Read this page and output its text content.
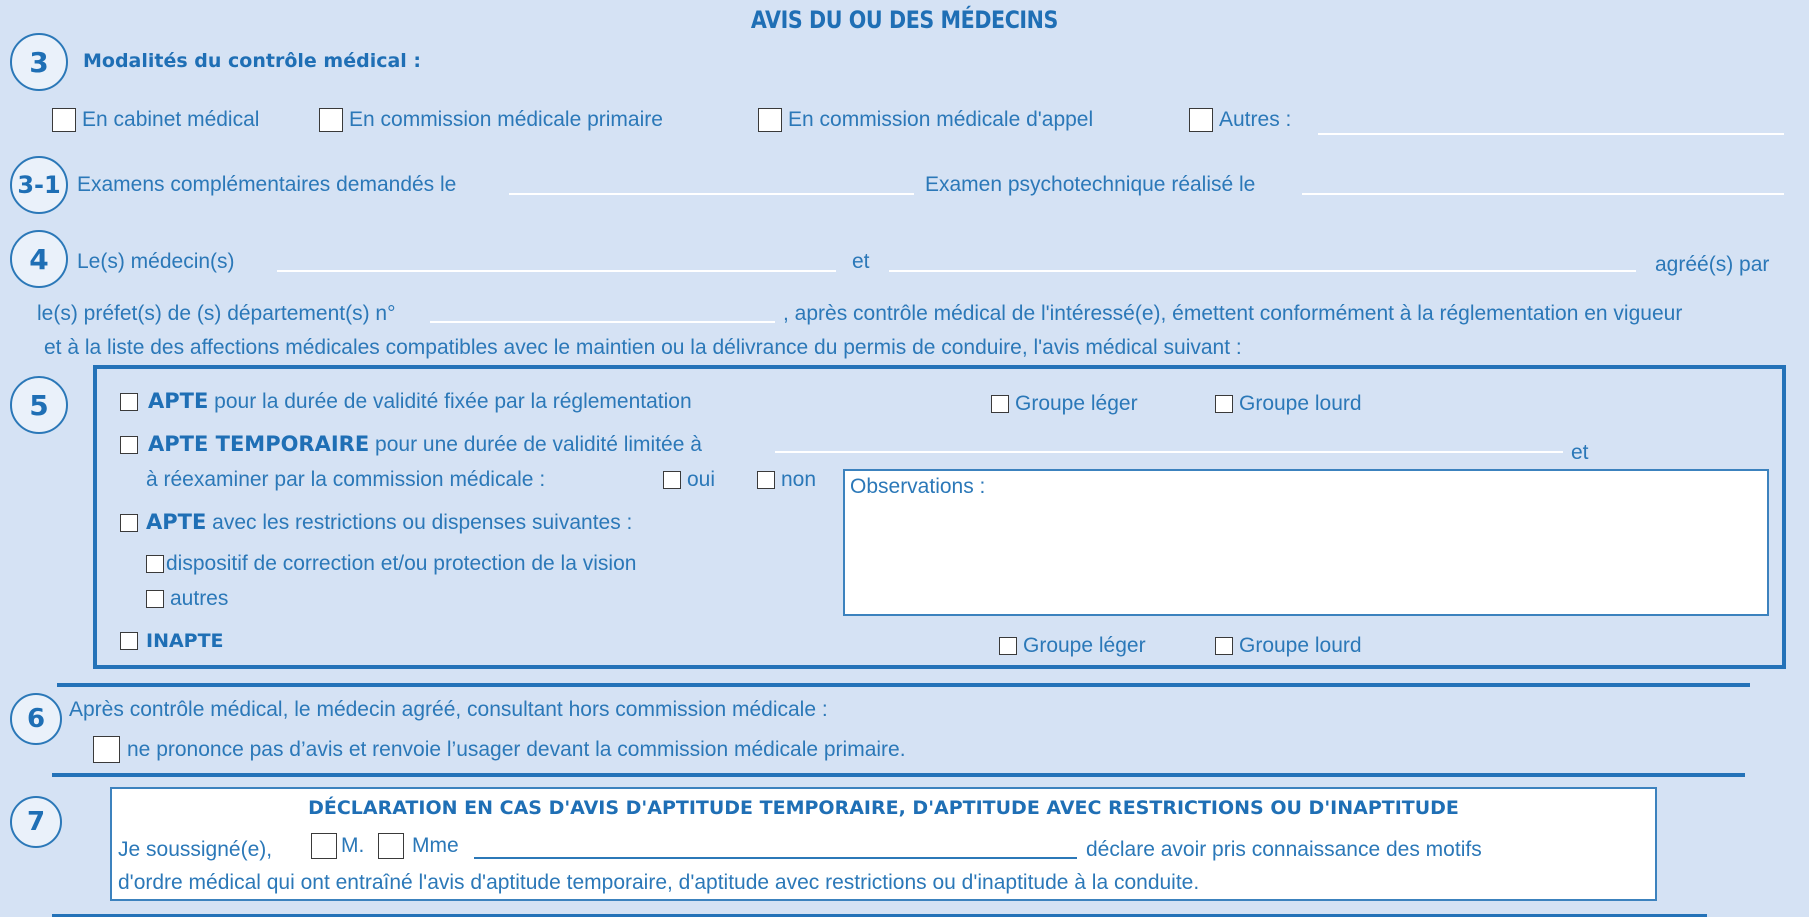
AVIS DU OU DES MÉDECINS
3	Modalités du contrôle médical :
En cabinet médical	En commission médicale primaire	En commission médicale d'appel	Autres :
3-1 Examens complémentaires demandés le	Examen psychotechnique réalisé le
4	Le(s) médecin(s)	et	agréé(s) par
le(s) préfet(s) de (s) département(s) n°	, après contrôle médical de l'intéressé(e), émettent conformément à la réglementation en vigueur
et à la liste des affections médicales compatibles avec le maintien ou la délivrance du permis de conduire, l'avis médical suivant :
5	APTE pour la durée de validité fixée par la réglementation	Groupe léger	Groupe lourd
APTE TEMPORAIRE pour une durée de validité limitée à	et
à réexaminer par la commission médicale :	oui	non Observations :
APTE avec les restrictions ou dispenses suivantes :
dispositif de correction et/ou protection de la vision
autres
INAPTE	Groupe léger	Groupe lourd
6	Après contrôle médical, le médecin agréé, consultant hors commission médicale :
ne prononce pas d’avis et renvoie l’usager devant la commission médicale primaire.
7	DÉCLARATION EN CAS D'AVIS D'APTITUDE TEMPORAIRE, D'APTITUDE AVEC RESTRICTIONS OU D'INAPTITUDE
Je soussigné(e),	M. Mme	déclare avoir pris connaissance des motifs
d'ordre médical qui ont entraîné l'avis d'aptitude temporaire, d'aptitude avec restrictions ou d'inaptitude à la conduite.
